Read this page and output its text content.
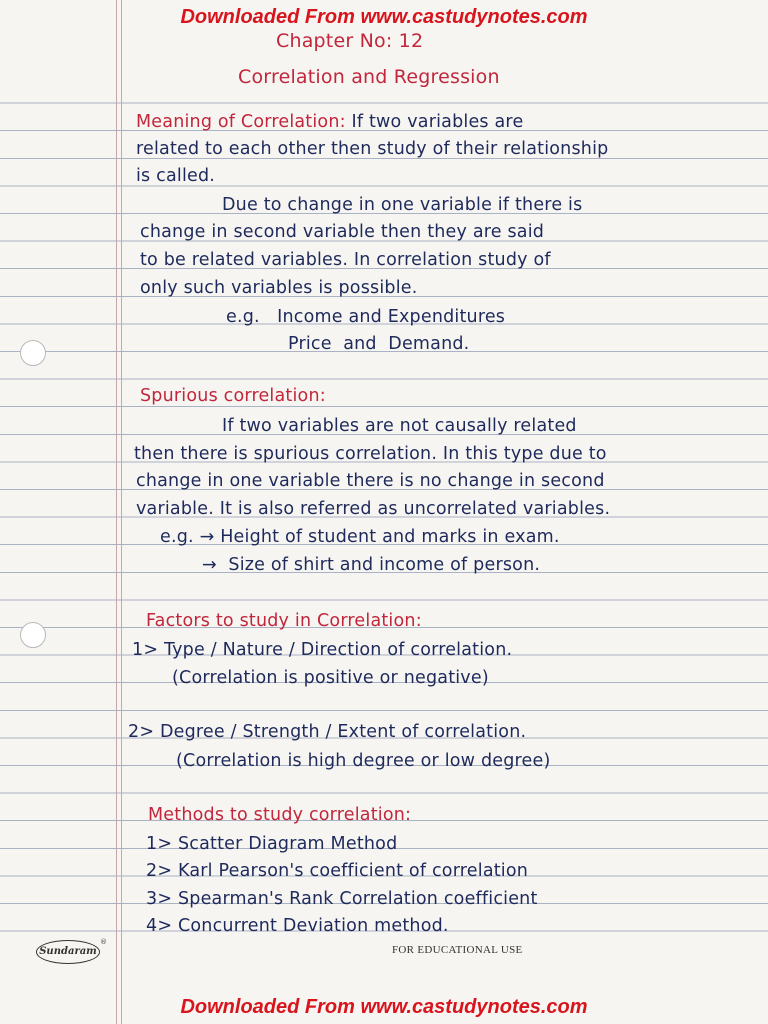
Downloaded From www.castudynotes.com
Chapter No: 12
Correlation and Regression
Meaning of Correlation: If two variables are
related to each other then study of their relationship
is called.
Due to change in one variable if there is
change in second variable then they are said
to be related variables. In correlation study of
only such variables is possible.
e.g.   Income and Expenditures
Price  and  Demand.
Spurious correlation:
If two variables are not causally related
then there is spurious correlation. In this type due to
change in one variable there is no change in second
variable. It is also referred as uncorrelated variables.
e.g. → Height of student and marks in exam.
→  Size of shirt and income of person.
Factors to study in Correlation:
1> Type / Nature / Direction of correlation.
(Correlation is positive or negative)
2> Degree / Strength / Extent of correlation.
(Correlation is high degree or low degree)
Methods to study correlation:
1> Scatter Diagram Method
2> Karl Pearson's coefficient of correlation
3> Spearman's Rank Correlation coefficient
4> Concurrent Deviation method.
Sundaram
®
FOR EDUCATIONAL USE
Downloaded From www.castudynotes.com
